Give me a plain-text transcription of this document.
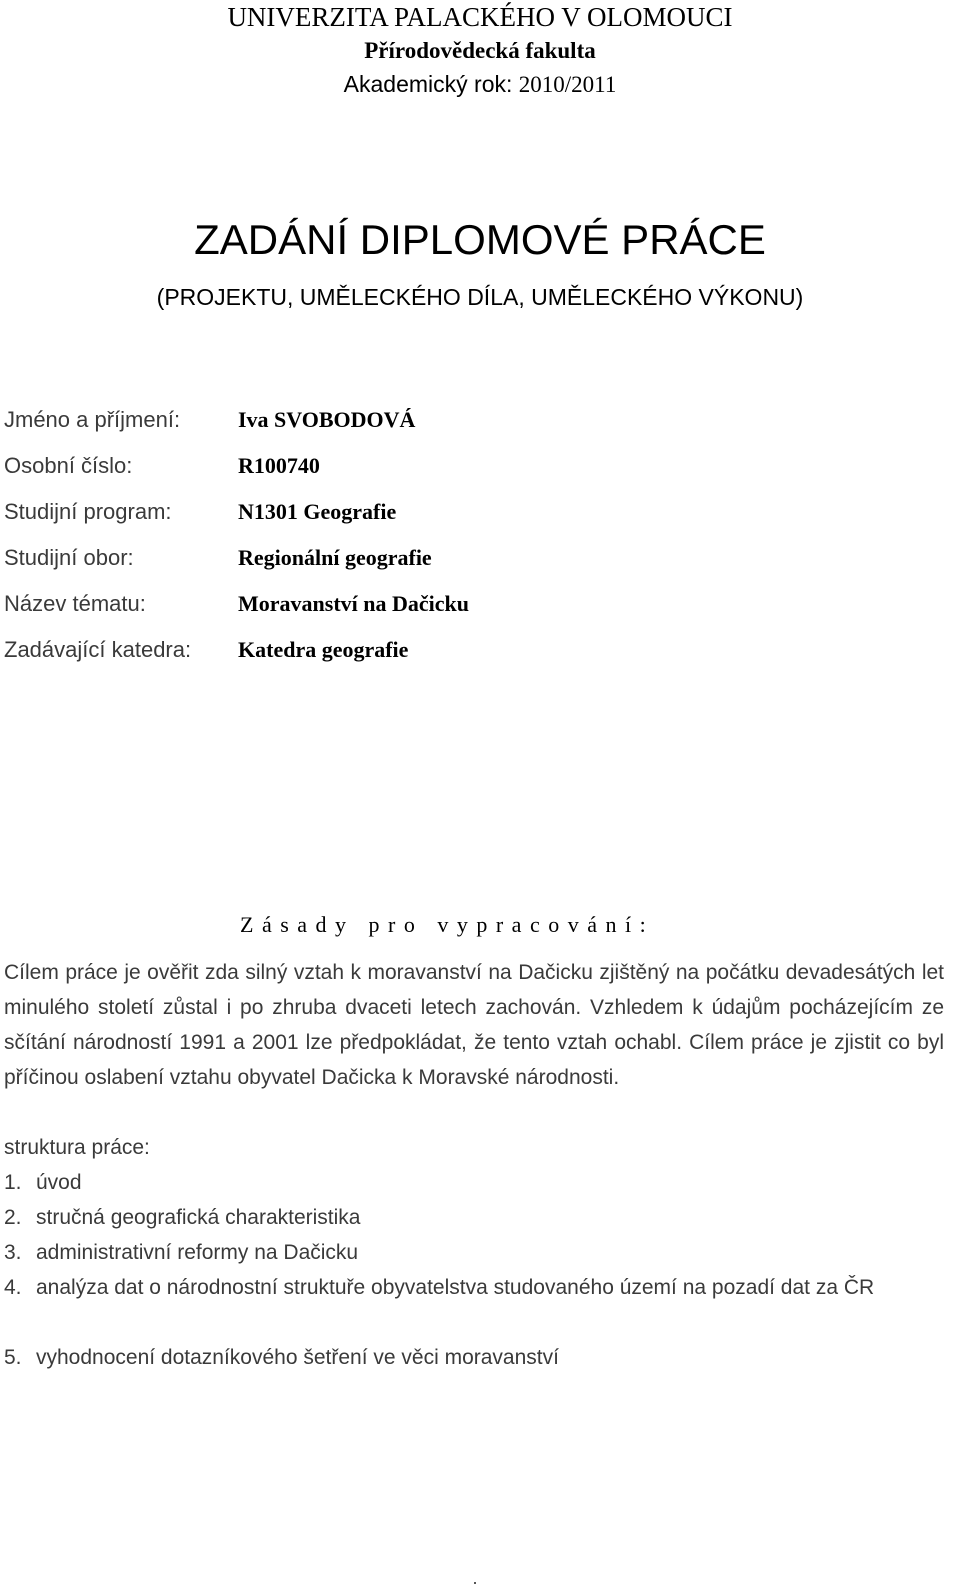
UNIVERZITA PALACKÉHO V OLOMOUCI
Přírodovědecká fakulta
Akademický rok: 2010/2011
ZADÁNÍ DIPLOMOVÉ PRÁCE
(PROJEKTU, UMĚLECKÉHO DÍLA, UMĚLECKÉHO VÝKONU)
Jméno a příjmení:	Iva SVOBODOVÁ
Osobní číslo:	R100740
Studijní program:	N1301 Geografie
Studijní obor:	Regionální geografie
Název tématu:	Moravanství na Dačicku
Zadávající katedra: Katedra geografie
Zásady pro vypracování:
Cílem práce je ověřit zda silný vztah k moravanství na Dačicku zjištěný na počátku devadesátých let minulého století zůstal i po zhruba dvaceti letech zachován. Vzhledem k údajům pocházejícím ze sčítání národností 1991 a 2001 lze předpokládat, že tento vztah ochabl. Cílem práce je zjistit co byl příčinou oslabení vztahu obyvatel Dačicka k Moravské národnosti.
struktura práce:
1. úvod
2. stručná geografická charakteristika
3. administrativní reformy na Dačicku
4. analýza dat o národnostní struktuře obyvatelstva studovaného území na pozadí dat za ČR
5. vyhodnocení dotazníkového šetření ve věci moravanství
